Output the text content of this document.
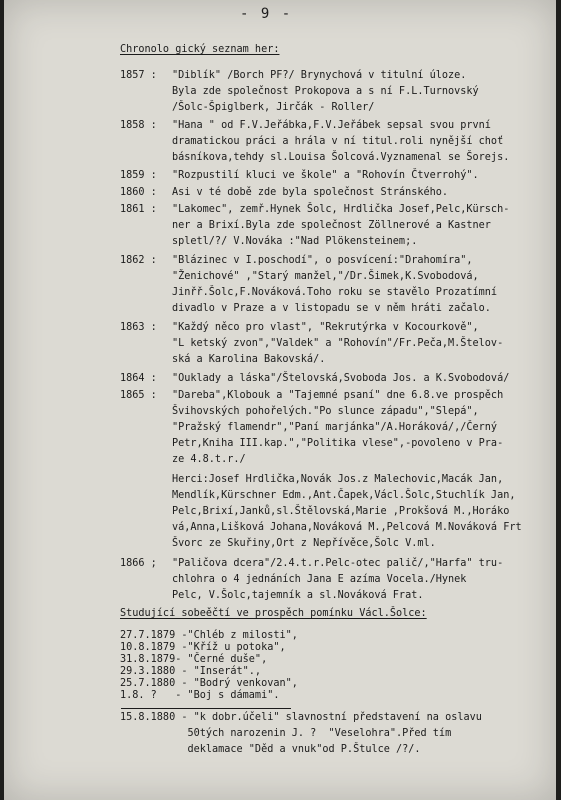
- 9 -
Chronolo gický seznam her:
1857 : "Diblík" /Borch PF?/ Brynychová v titulní úloze.
Byla zde společnost Prokopova a s ní F.L.Turnovský
/Šolc-Špiglberk, Jirčák - Roller/
1858 : "Hana " od F.V.Jeřábka,F.V.Jeřábek sepsal svou první
dramatickou práci a hrála v ní titul.roli nynější choť
básníkova,tehdy sl.Louisa Šolcová.Vyznamenal se Šorejs.
1859 : "Rozpustilí kluci ve škole" a "Rohovín Čtverrohý".
1860 : Asi v té době zde byla společnost Stránského.
1861 : "Lakomec", zemř.Hynek Šolc, Hrdlička Josef,Pelc,Kürsch-
ner a Brixí.Byla zde společnost Zöllnerové a Kastner
spletl/?/ V.Nováka :"Nad Plökensteinem;.
1862 : "Blázinec v I.poschodí", o posvícení:"Drahomíra",
"Ženichové" ,"Starý manžel,"/Dr.Šimek,K.Svobodová,
Jinřř.Šolc,F.Nováková.Toho roku se stavělo Prozatímní
divadlo v Praze a v listopadu se v něm hráti začalo.
1863 : "Každý něco pro vlast", "Rekrutýrka v Kocourkově",
"L ketský zvon","Valdek" a "Rohovín"/Fr.Peča,M.Štelov-
ská a Karolina Bakovská/.
1864 : "Ouklady a láska"/Štelovská,Svoboda Jos. a K.Svobodová/
1865 : "Dareba",Klobouk a "Tajemné psaní" dne 6.8.ve prospěch
Švihovských pohořelých."Po slunce západu","Slepá",
"Pražský flamendr","Paní marjánka"/A.Horáková/,/Černý
Petr,Kniha III.kap.","Politika vlese",-povoleno v Pra-
ze 4.8.t.r./
Herci:Josef Hrdlička,Novák Jos.z Malechovic,Macák Jan,
Mendlík,Kürschner Edm.,Ant.Čapek,Václ.Šolc,Stuchlík Jan,
Pelc,Brixí,Janků,sl.Štělovská,Marie ,Prokšová M.,Horáko
vá,Anna,Lišková Johana,Nováková M.,Pelcová M.Nováková Frt
Švorc ze Skuřiny,Ort z Nepřívěce,Šolc V.ml.
1866 ; "Paličova dcera"/2.4.t.r.Pelc-otec palič/,"Harfa" tru-
chlohra o 4 jednáních Jana E azíma Vocela./Hynek
Pelc, V.Šolc,tajemník a sl.Nováková Frat.
Studující sobeěčtí ve prospěch pomínku Václ.Šolce:
27.7.1879 -"Chléb z milosti",
10.8.1879 -"Kříž u potoka",
31.8.1879- "Černé duše",
29.3.1880 - "Inserát".,
25.7.1880 - "Bodrý venkovan",
1.8. ?   - "Boj s dámami".
15.8.1880 - "k dobr.účeli" slavnostní představení na oslavu
50tých narozenin J. ?  "Veselohra".Před tím
deklamace "Děd a vnuk"od P.Štulce /?/.
